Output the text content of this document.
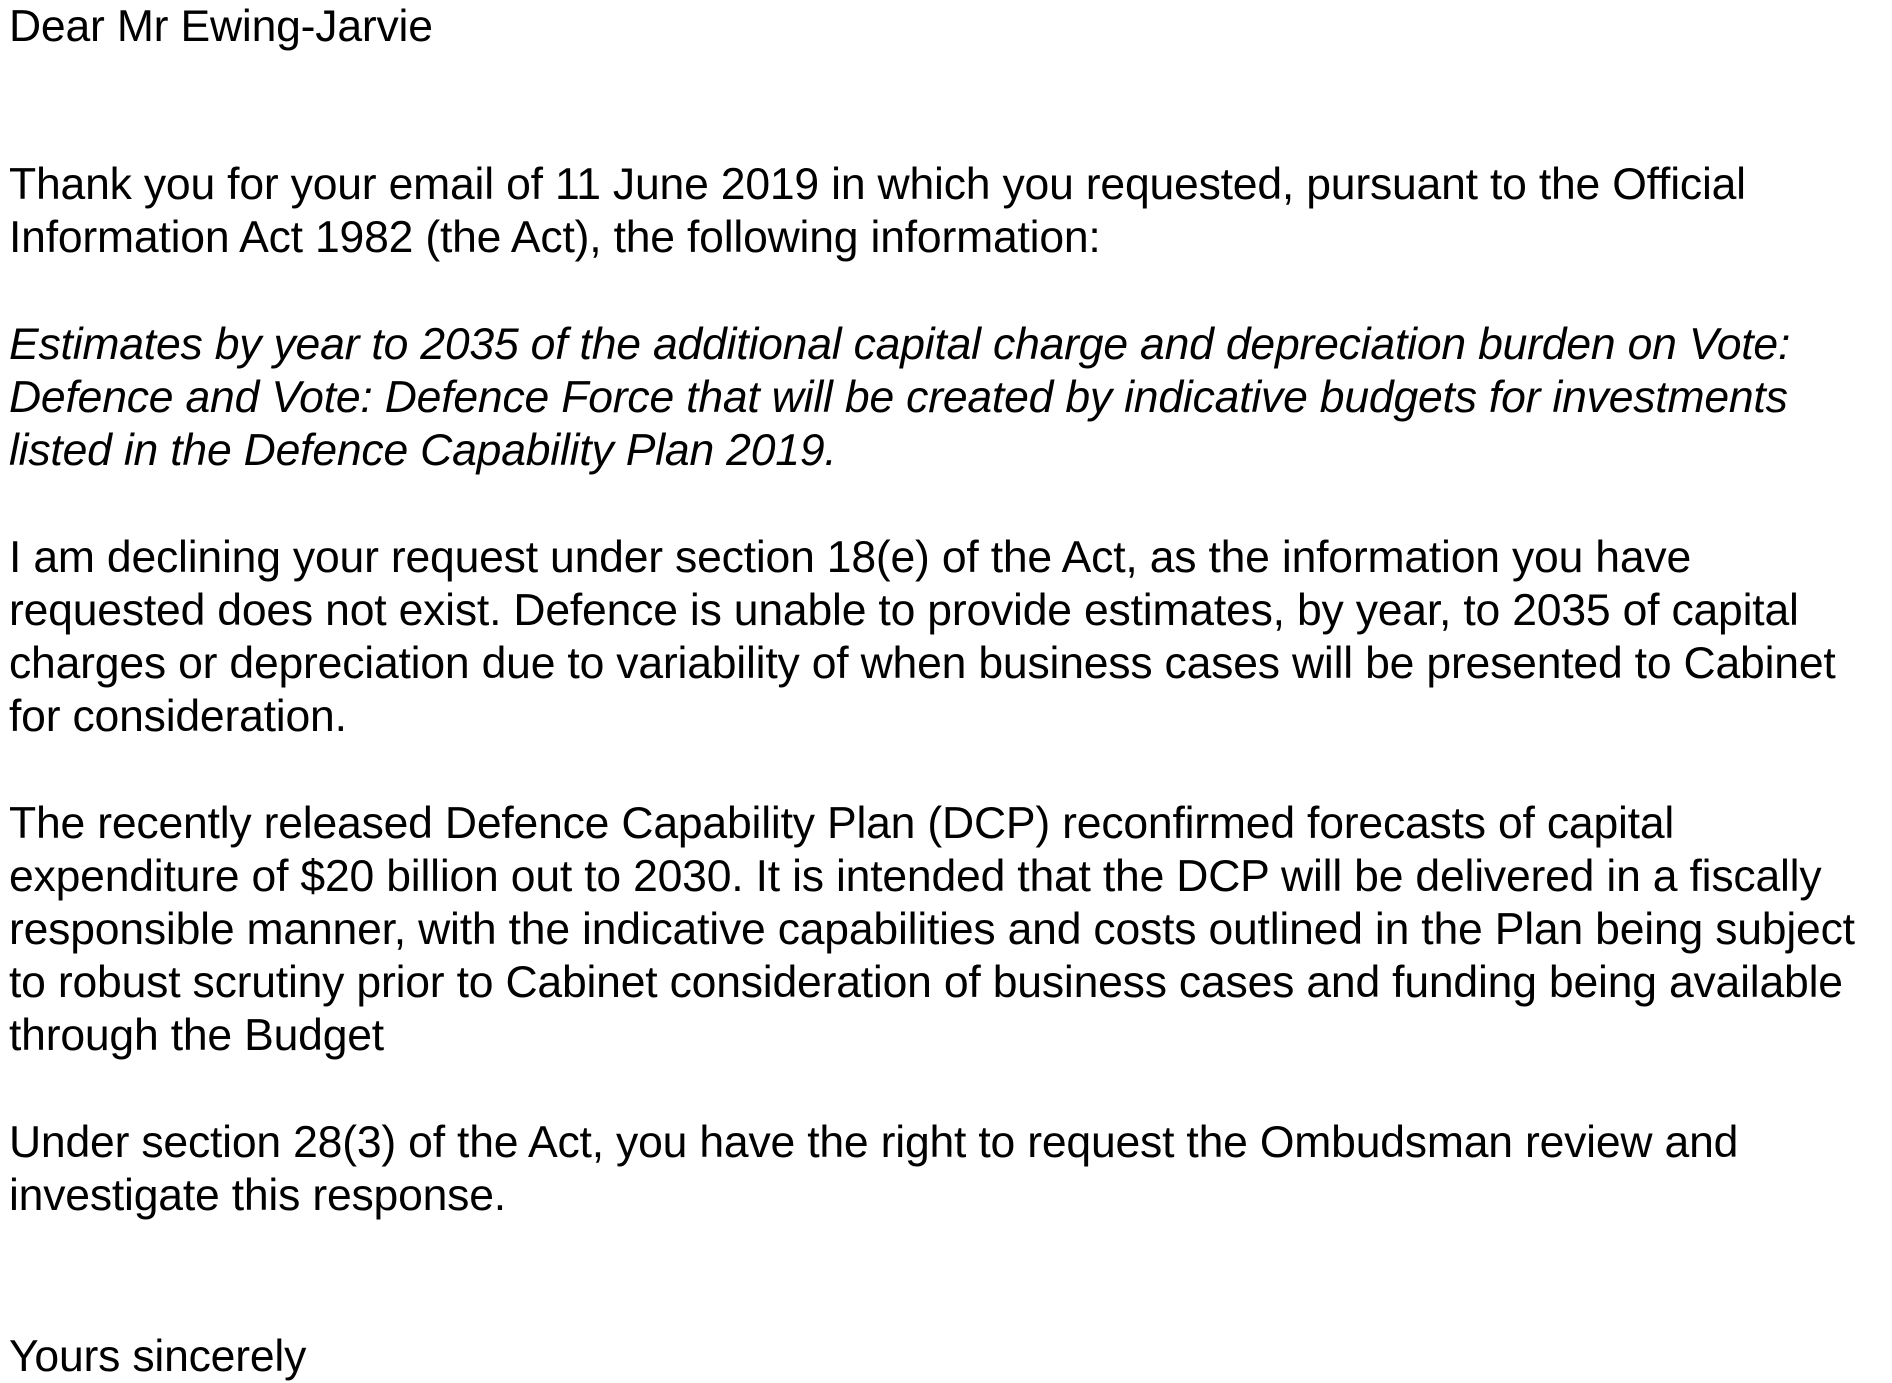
Dear Mr Ewing-Jarvie

Thank you for your email of 11 June 2019 in which you requested, pursuant to the Official Information Act 1982 (the Act), the following information:

Estimates by year to 2035 of the additional capital charge and depreciation burden on Vote: Defence and Vote: Defence Force that will be created by indicative budgets for investments listed in the Defence Capability Plan 2019.

I am declining your request under section 18(e) of the Act, as the information you have requested does not exist. Defence is unable to provide estimates, by year, to 2035 of capital charges or depreciation due to variability of when business cases will be presented to Cabinet for consideration.

The recently released Defence Capability Plan (DCP) reconfirmed forecasts of capital expenditure of $20 billion out to 2030. It is intended that the DCP will be delivered in a fiscally responsible manner, with the indicative capabilities and costs outlined in the Plan being subject to robust scrutiny prior to Cabinet consideration of business cases and funding being available through the Budget

Under section 28(3) of the Act, you have the right to request the Ombudsman review and investigate this response.

Yours sincerely
